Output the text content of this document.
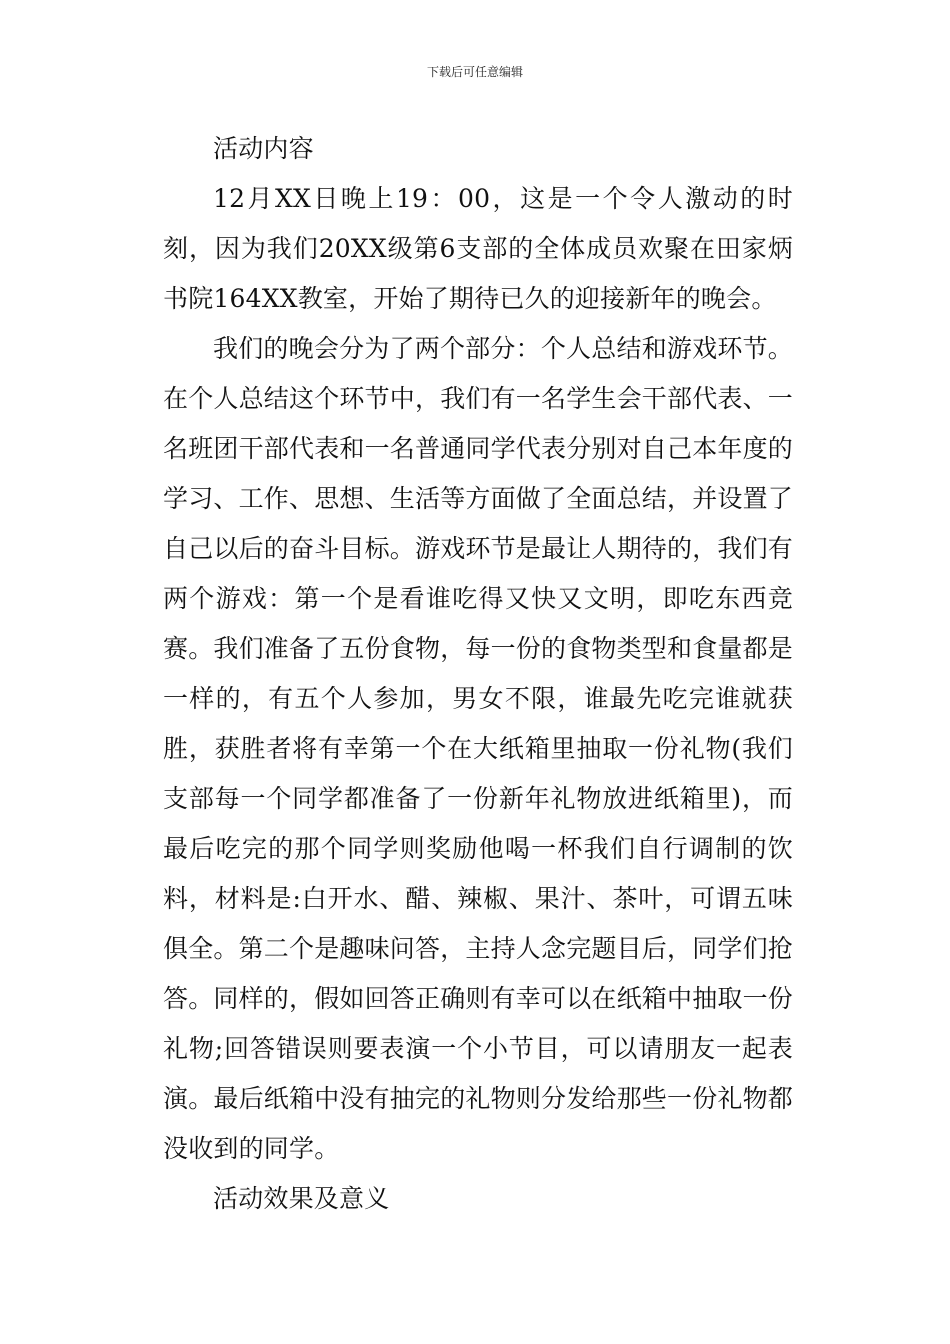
下载后可任意编辑

活动内容

12月XX日晚上19：00，这是一个令人激动的时刻，因为我们20XX级第6支部的全体成员欢聚在田家炳书院164XX教室，开始了期待已久的迎接新年的晚会。

我们的晚会分为了两个部分：个人总结和游戏环节。在个人总结这个环节中，我们有一名学生会干部代表、一名班团干部代表和一名普通同学代表分别对自己本年度的学习、工作、思想、生活等方面做了全面总结，并设置了自己以后的奋斗目标。游戏环节是最让人期待的，我们有两个游戏：第一个是看谁吃得又快又文明，即吃东西竞赛。我们准备了五份食物，每一份的食物类型和食量都是一样的，有五个人参加，男女不限，谁最先吃完谁就获胜，获胜者将有幸第一个在大纸箱里抽取一份礼物(我们支部每一个同学都准备了一份新年礼物放进纸箱里)，而最后吃完的那个同学则奖励他喝一杯我们自行调制的饮料，材料是:白开水、醋、辣椒、果汁、茶叶，可谓五味俱全。第二个是趣味问答，主持人念完题目后，同学们抢答。同样的，假如回答正确则有幸可以在纸箱中抽取一份礼物;回答错误则要表演一个小节目，可以请朋友一起表演。最后纸箱中没有抽完的礼物则分发给那些一份礼物都没收到的同学。

活动效果及意义
